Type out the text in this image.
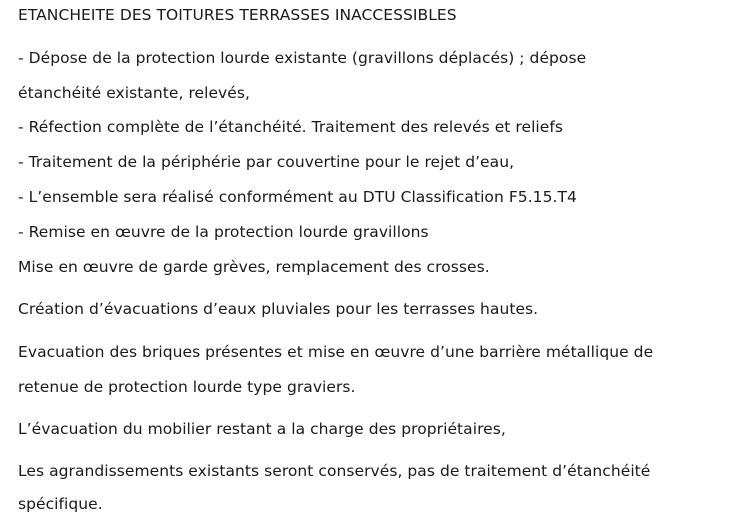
ETANCHEITE DES TOITURES TERRASSES INACCESSIBLES
- Dépose de la protection lourde existante (gravillons déplacés) ; dépose
étanchéité existante, relevés,
- Réfection complète de l’étanchéité. Traitement des relevés et reliefs
- Traitement de la périphérie par couvertine pour le rejet d’eau,
- L’ensemble sera réalisé conformément au DTU Classification F5.15.T4
- Remise en œuvre de la protection lourde gravillons
Mise en œuvre de garde grèves, remplacement des crosses.
Création d’évacuations d’eaux pluviales pour les terrasses hautes.
Evacuation des briques présentes et mise en œuvre d’une barrière métallique de
retenue de protection lourde type graviers.
L’évacuation du mobilier restant a la charge des propriétaires,
Les agrandissements existants seront conservés, pas de traitement d’étanchéité
spécifique.
